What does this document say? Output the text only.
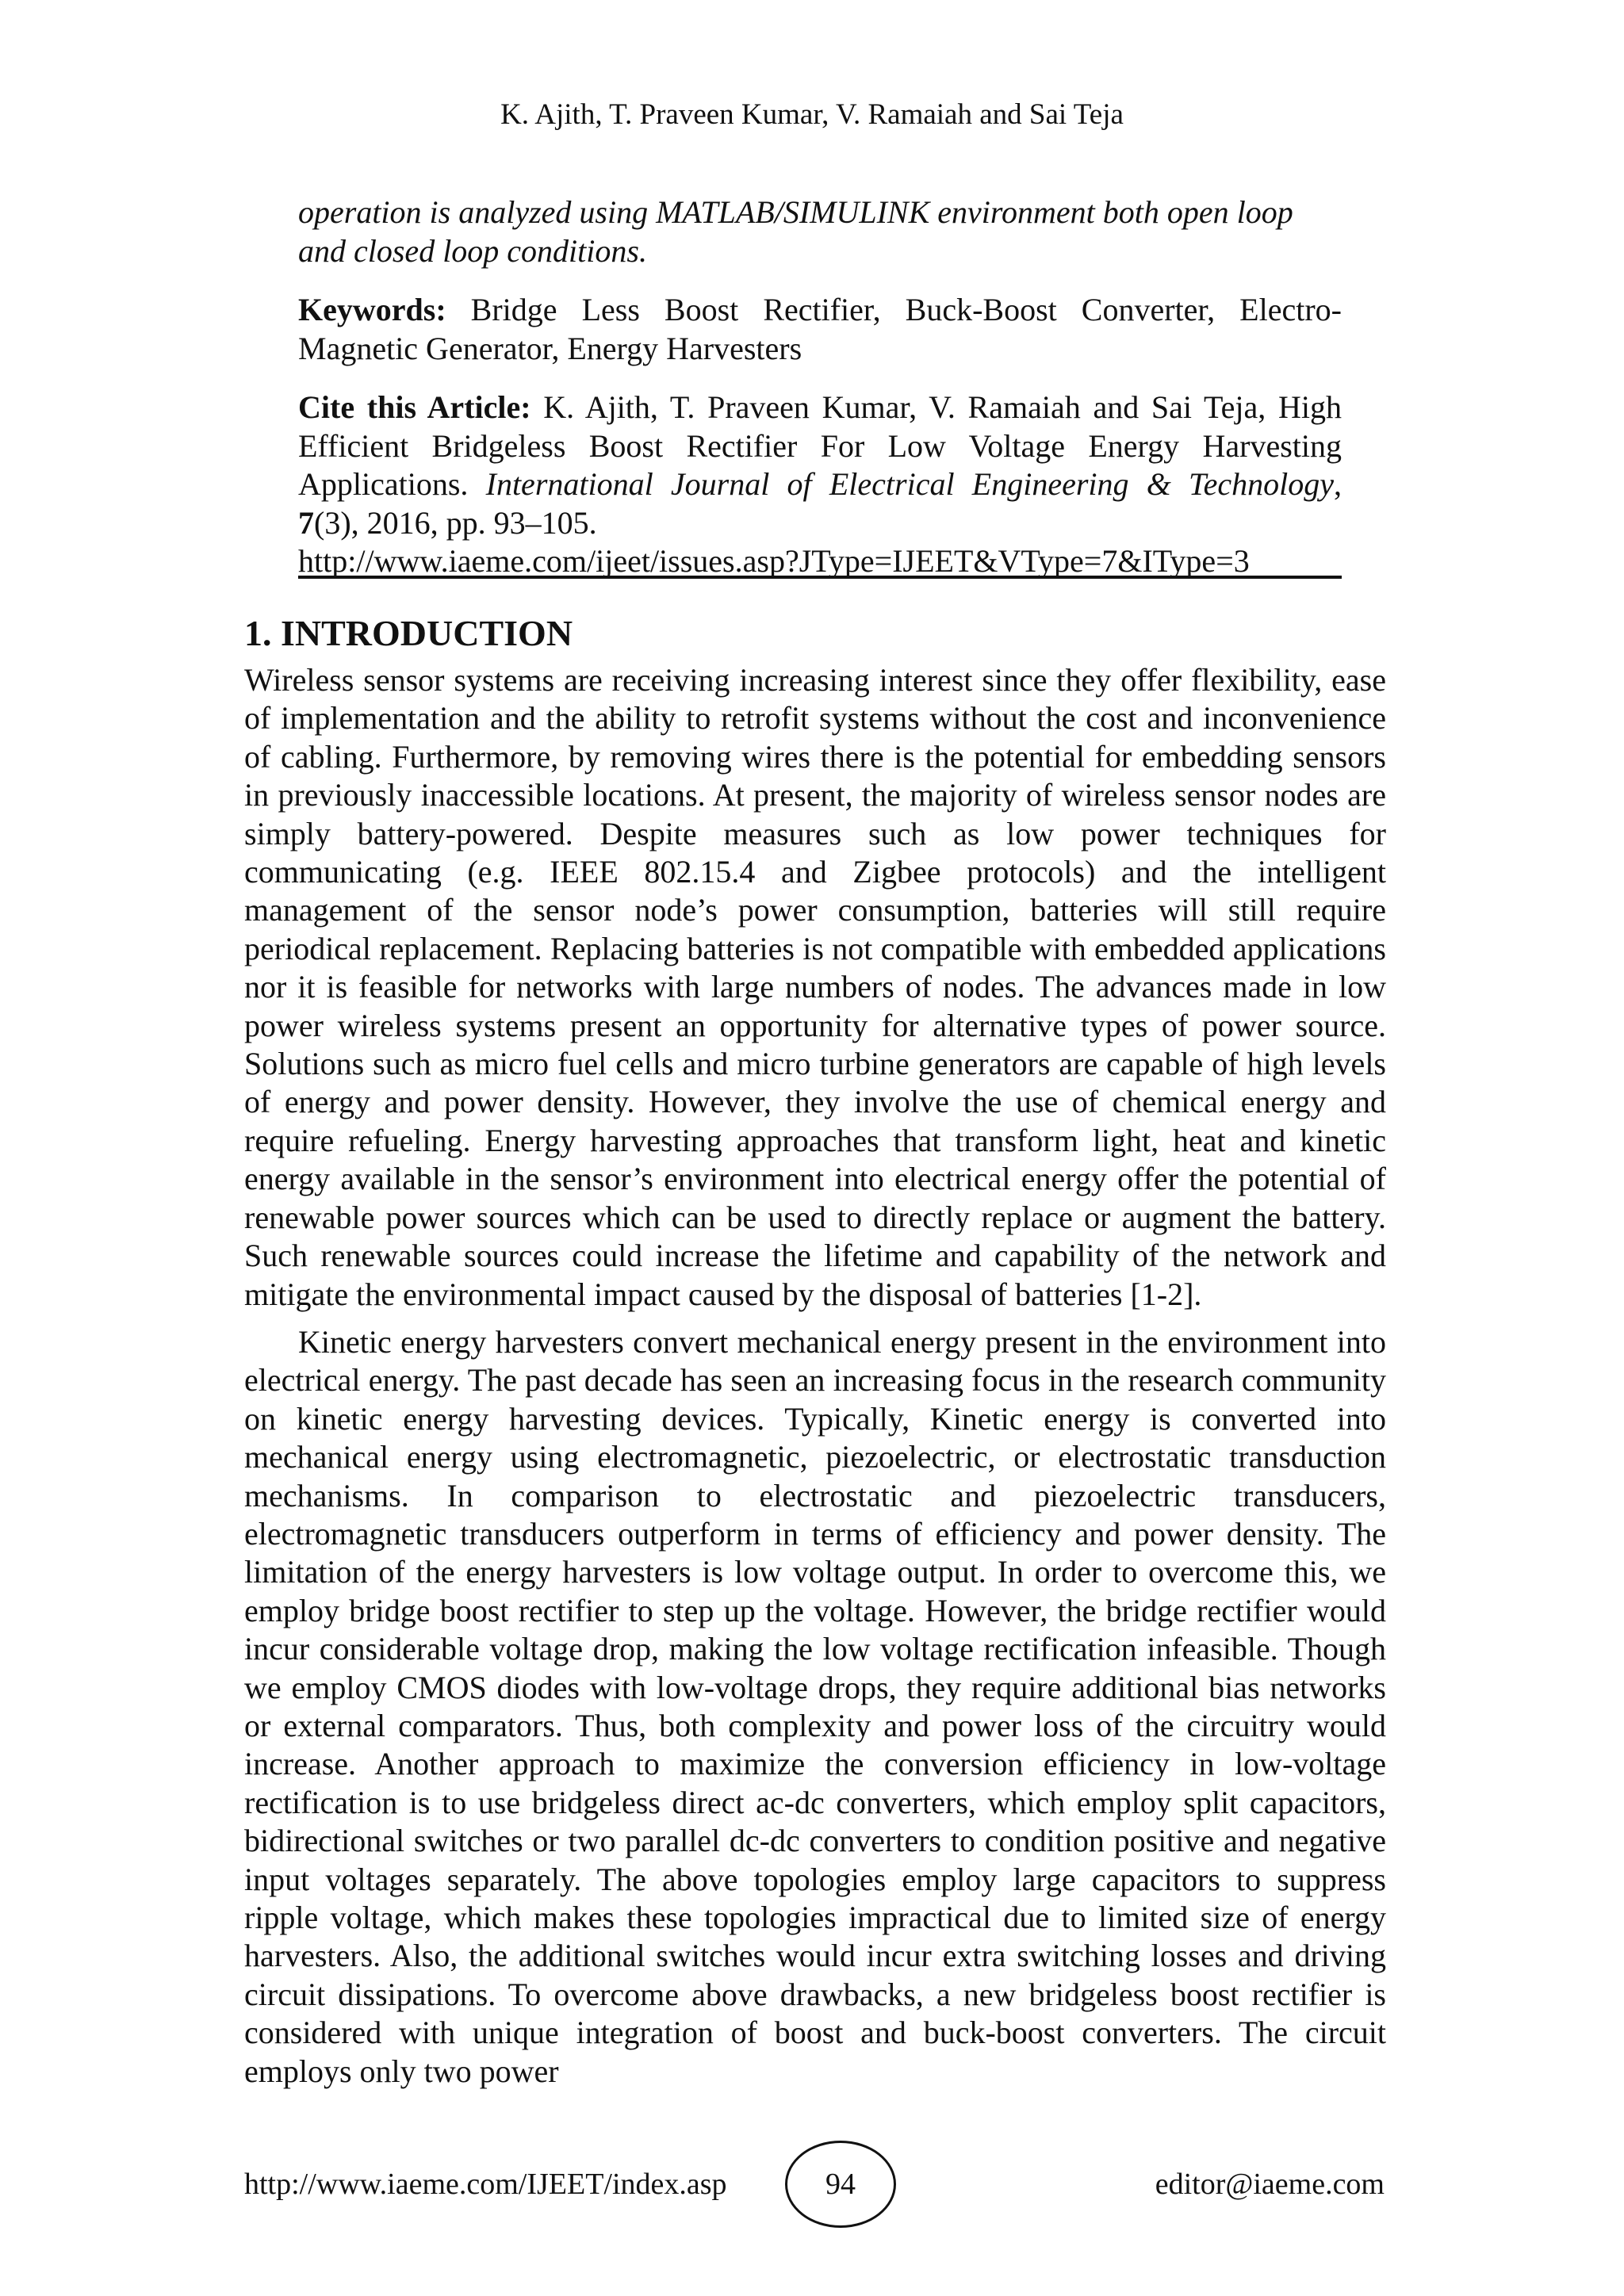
K. Ajith, T. Praveen Kumar, V. Ramaiah and Sai Teja

operation is analyzed using MATLAB/SIMULINK environment both open loop and closed loop conditions.

Keywords: Bridge Less Boost Rectifier, Buck-Boost Converter, Electro-Magnetic Generator, Energy Harvesters

Cite this Article: K. Ajith, T. Praveen Kumar, V. Ramaiah and Sai Teja, High Efficient Bridgeless Boost Rectifier For Low Voltage Energy Harvesting Applications. International Journal of Electrical Engineering & Technology, 7(3), 2016, pp. 93–105.
http://www.iaeme.com/ijeet/issues.asp?JType=IJEET&VType=7&IType=3

1. INTRODUCTION

Wireless sensor systems are receiving increasing interest since they offer flexibility, ease of implementation and the ability to retrofit systems without the cost and inconvenience of cabling. Furthermore, by removing wires there is the potential for embedding sensors in previously inaccessible locations. At present, the majority of wireless sensor nodes are simply battery-powered. Despite measures such as low power techniques for communicating (e.g. IEEE 802.15.4 and Zigbee protocols) and the intelligent management of the sensor node’s power consumption, batteries will still require periodical replacement. Replacing batteries is not compatible with embedded applications nor it is feasible for networks with large numbers of nodes. The advances made in low power wireless systems present an opportunity for alternative types of power source. Solutions such as micro fuel cells and micro turbine generators are capable of high levels of energy and power density. However, they involve the use of chemical energy and require refueling. Energy harvesting approaches that transform light, heat and kinetic energy available in the sensor’s environment into electrical energy offer the potential of renewable power sources which can be used to directly replace or augment the battery. Such renewable sources could increase the lifetime and capability of the network and mitigate the environmental impact caused by the disposal of batteries [1-2].

Kinetic energy harvesters convert mechanical energy present in the environment into electrical energy. The past decade has seen an increasing focus in the research community on kinetic energy harvesting devices. Typically, Kinetic energy is converted into mechanical energy using electromagnetic, piezoelectric, or electrostatic transduction mechanisms. In comparison to electrostatic and piezoelectric transducers, electromagnetic transducers outperform in terms of efficiency and power density. The limitation of the energy harvesters is low voltage output. In order to overcome this, we employ bridge boost rectifier to step up the voltage. However, the bridge rectifier would incur considerable voltage drop, making the low voltage rectification infeasible. Though we employ CMOS diodes with low-voltage drops, they require additional bias networks or external comparators. Thus, both complexity and power loss of the circuitry would increase. Another approach to maximize the conversion efficiency in low-voltage rectification is to use bridgeless direct ac-dc converters, which employ split capacitors, bidirectional switches or two parallel dc-dc converters to condition positive and negative input voltages separately. The above topologies employ large capacitors to suppress ripple voltage, which makes these topologies impractical due to limited size of energy harvesters. Also, the additional switches would incur extra switching losses and driving circuit dissipations. To overcome above drawbacks, a new bridgeless boost rectifier is considered with unique integration of boost and buck-boost converters. The circuit employs only two power

http://www.iaeme.com/IJEET/index.asp	94	editor@iaeme.com
